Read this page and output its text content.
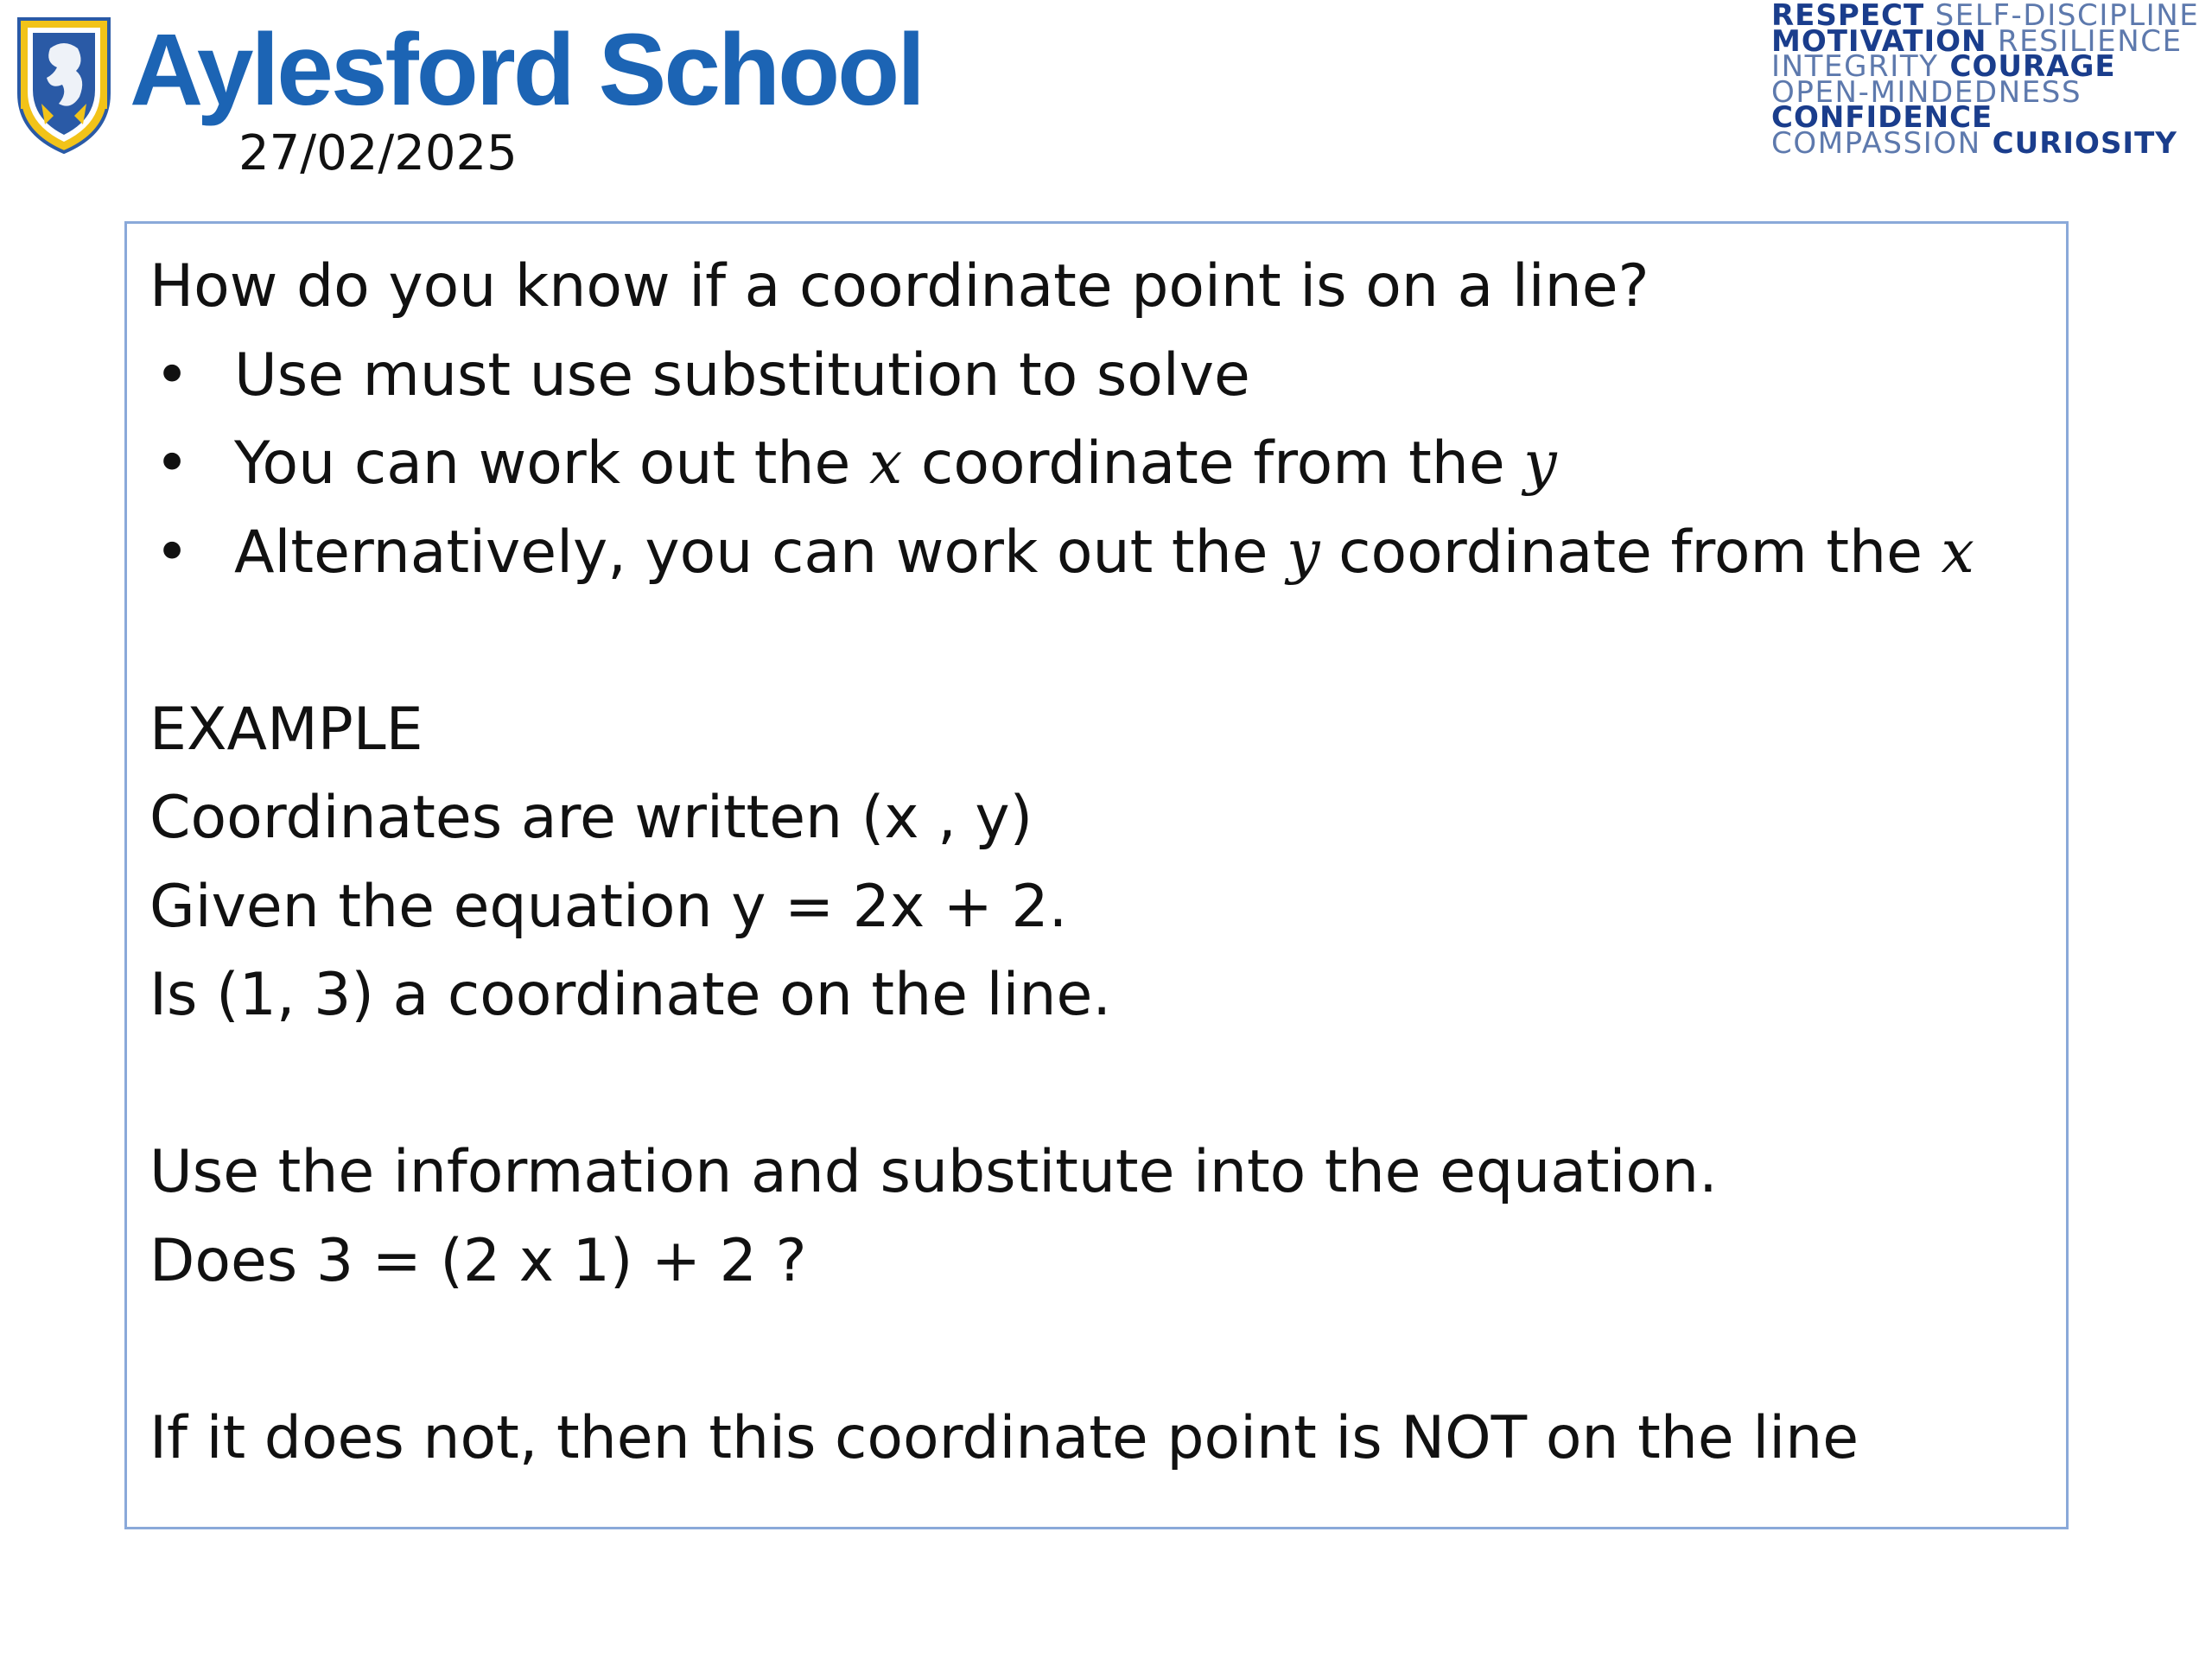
Aylesford School
27/02/2025
RESPECT SELF-DISCIPLINE
MOTIVATION RESILIENCE
INTEGRITY COURAGE
OPEN-MINDEDNESS
CONFIDENCE
COMPASSION CURIOSITY
How do you know if a coordinate point is on a line?
• Use must use substitution to solve
• You can work out the x coordinate from the y
• Alternatively, you can work out the y coordinate from the x
EXAMPLE
Coordinates are written (x , y)
Given the equation y = 2x + 2.
Is (1, 3) a coordinate on the line.
Use the information and substitute into the equation.
Does 3 = (2 x 1) + 2 ?
If it does not, then this coordinate point is NOT on the line
